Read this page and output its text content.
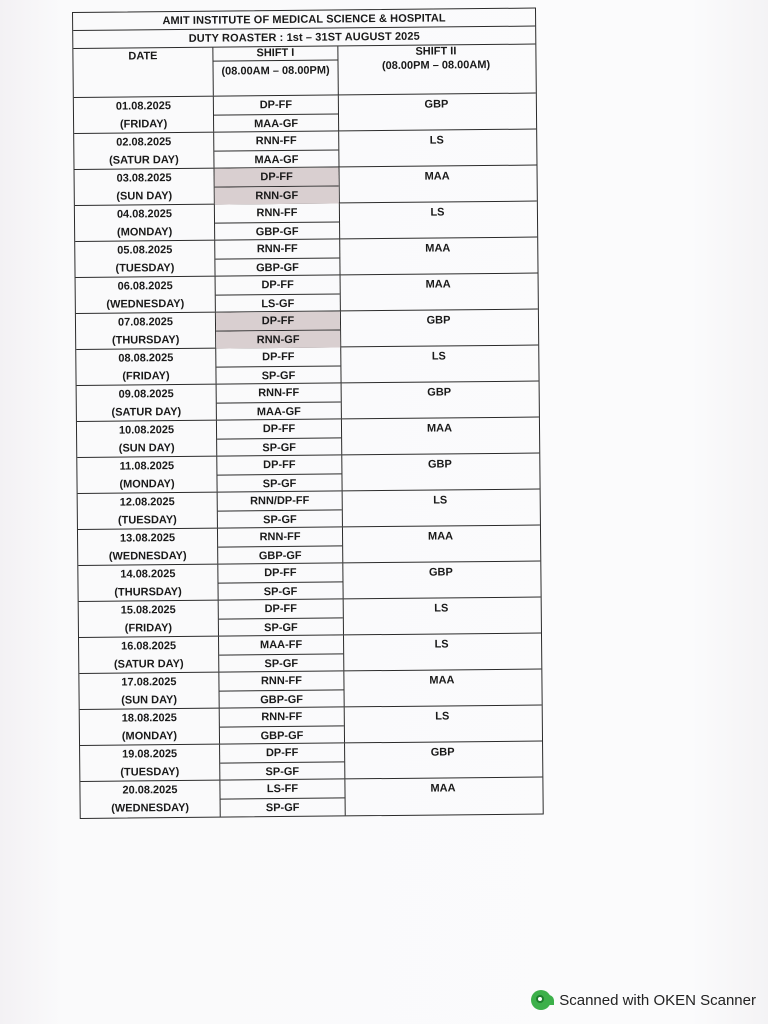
AMIT INSTITUTE OF MEDICAL SCIENCE & HOSPITAL
DUTY ROASTER : 1st – 31ST AUGUST 2025
DATE	SHIFT I
(08.00AM – 08.00PM)
SHIFT II
(08.00PM – 08.00AM)
01.08.2025
(FRIDAY)
DP-FF
MAA-GF
GBP
02.08.2025
(SATUR DAY)
RNN-FF
MAA-GF
LS
03.08.2025
(SUN DAY)
DP-FF
RNN-GF
MAA
04.08.2025
(MONDAY)
RNN-FF
GBP-GF
LS
05.08.2025
(TUESDAY)
RNN-FF
GBP-GF
MAA
06.08.2025
(WEDNESDAY)
DP-FF
LS-GF
MAA
07.08.2025
(THURSDAY)
DP-FF
RNN-GF
GBP
08.08.2025
(FRIDAY)
DP-FF
SP-GF
LS
09.08.2025
(SATUR DAY)
RNN-FF
MAA-GF
GBP
10.08.2025
(SUN DAY)
DP-FF
SP-GF
MAA
11.08.2025
(MONDAY)
DP-FF
SP-GF
GBP
12.08.2025
(TUESDAY)
RNN/DP-FF
SP-GF
LS
13.08.2025
(WEDNESDAY)
RNN-FF
GBP-GF
MAA
14.08.2025
(THURSDAY)
DP-FF
SP-GF
GBP
15.08.2025
(FRIDAY)
DP-FF
SP-GF
LS
16.08.2025
(SATUR DAY)
MAA-FF
SP-GF
LS
17.08.2025
(SUN DAY)
RNN-FF
GBP-GF
MAA
18.08.2025
(MONDAY)
RNN-FF
GBP-GF
LS
19.08.2025
(TUESDAY)
DP-FF
SP-GF
GBP
20.08.2025
(WEDNESDAY)
LS-FF
SP-GF
MAA
Scanned with OKEN Scanner
